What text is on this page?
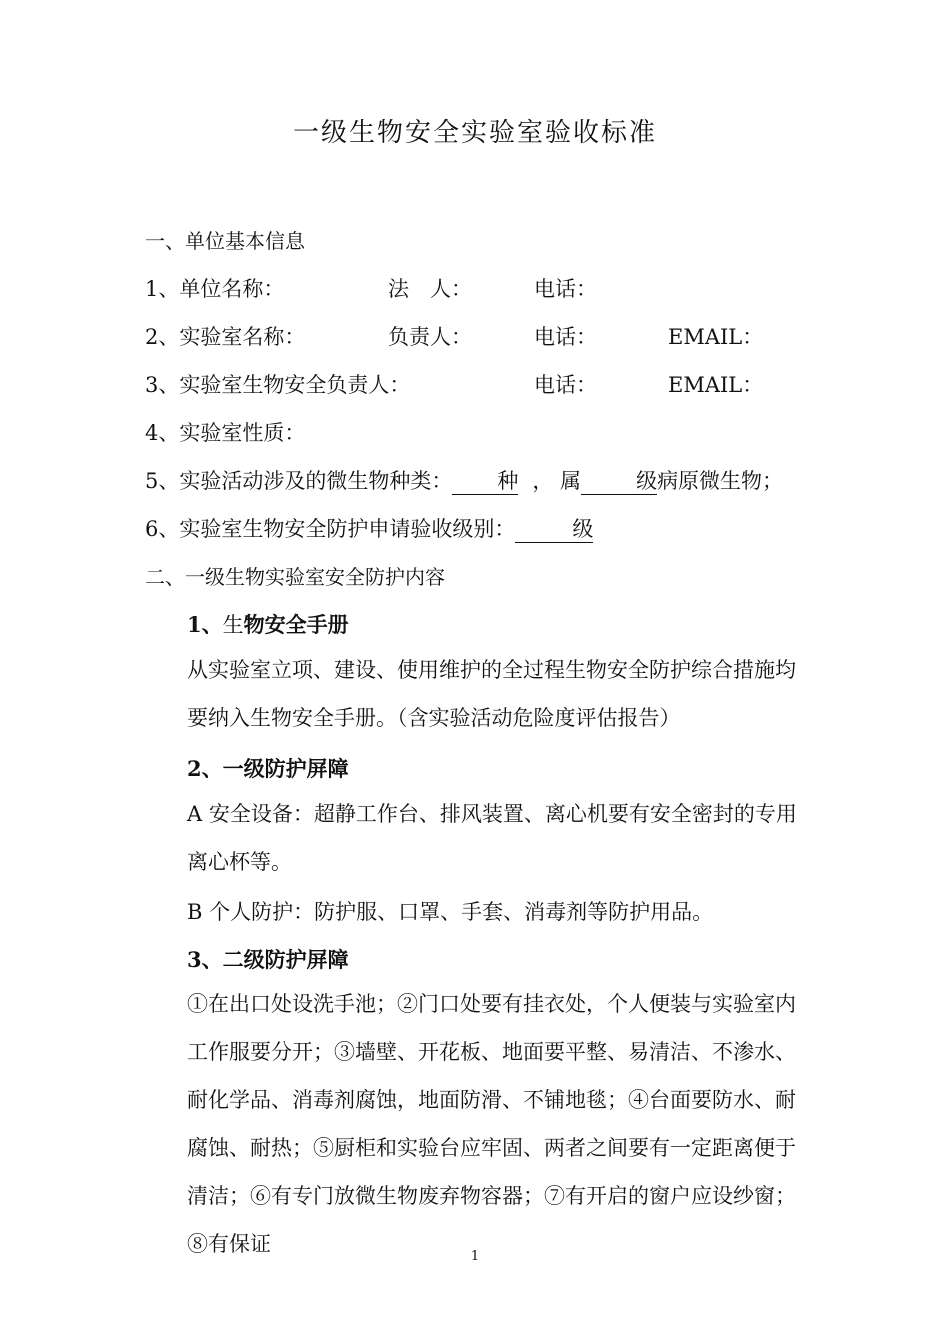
一级生物安全实验室验收标准
一、单位基本信息
1、单位名称：	法　人：	电话：
2、实验室名称：	负责人：	电话：	EMAIL：
3、实验室生物安全负责人：	电话：	EMAIL：
4、实验室性质：
5、实验活动涉及的微生物种类： 种 ， 属	级病原微生物；
6、实验室生物安全防护申请验收级别：	级
二、一级生物实验室安全防护内容
1、生物安全手册
从实验室立项、建设、使用维护的全过程生物安全防护综合措施均要纳入生物安全手册。（含实验活动危险度评估报告）
2、一级防护屏障
A 安全设备：超静工作台、排风装置、离心机要有安全密封的专用离心杯等。
B 个人防护：防护服、口罩、手套、消毒剂等防护用品。
3、二级防护屏障
①在出口处设洗手池；②门口处要有挂衣处，个人便装与实验室内工作服要分开；③墙壁、开花板、地面要平整、易清洁、不渗水、耐化学品、消毒剂腐蚀，地面防滑、不铺地毯；④台面要防水、耐腐蚀、耐热；⑤厨柜和实验台应牢固、两者之间要有一定距离便于清洁；⑥有专门放微生物废弃物容器；⑦有开启的窗户应设纱窗；⑧有保证
1
